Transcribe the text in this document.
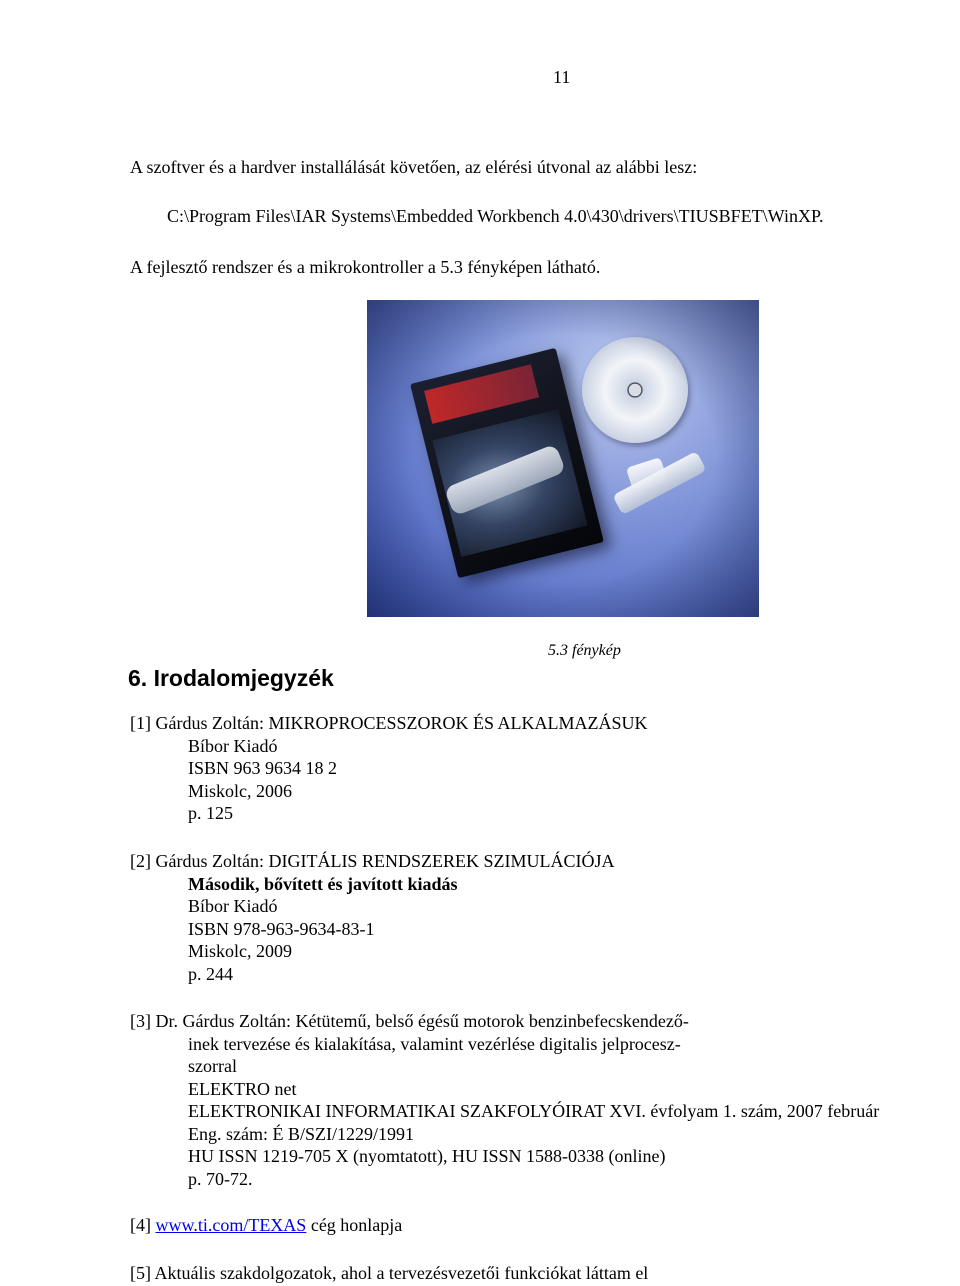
11
A szoftver és a hardver installálását követően, az elérési útvonal az alábbi lesz:
C:\Program Files\IAR Systems\Embedded Workbench 4.0\430\drivers\TIUSBFET\WinXP.
A fejlesztő rendszer és a mikrokontroller a 5.3 fényképen látható.
5.3 fénykép
6. Irodalomjegyzék
[1] Gárdus Zoltán: MIKROPROCESSZOROK ÉS ALKALMAZÁSUK
Bíbor Kiadó
ISBN 963 9634 18 2
Miskolc, 2006
p. 125
[2] Gárdus Zoltán: DIGITÁLIS RENDSZEREK SZIMULÁCIÓJA
Második, bővített és javított kiadás
Bíbor Kiadó
ISBN 978-963-9634-83-1
Miskolc, 2009
p. 244
[3] Dr. Gárdus Zoltán: Kétütemű, belső égésű motorok benzinbefecskendező-
inek tervezése és kialakítása, valamint vezérlése digitalis jelprocesz-
szorral
ELEKTRO net
ELEKTRONIKAI INFORMATIKAI SZAKFOLYÓIRAT XVI. évfolyam 1. szám, 2007 február
Eng. szám: É B/SZI/1229/1991
HU ISSN 1219-705 X (nyomtatott), HU ISSN 1588-0338 (online)
p. 70-72.
[4] www.ti.com/TEXAS cég honlapja
[5] Aktuális szakdolgozatok, ahol a tervezésvezetői funkciókat láttam el
